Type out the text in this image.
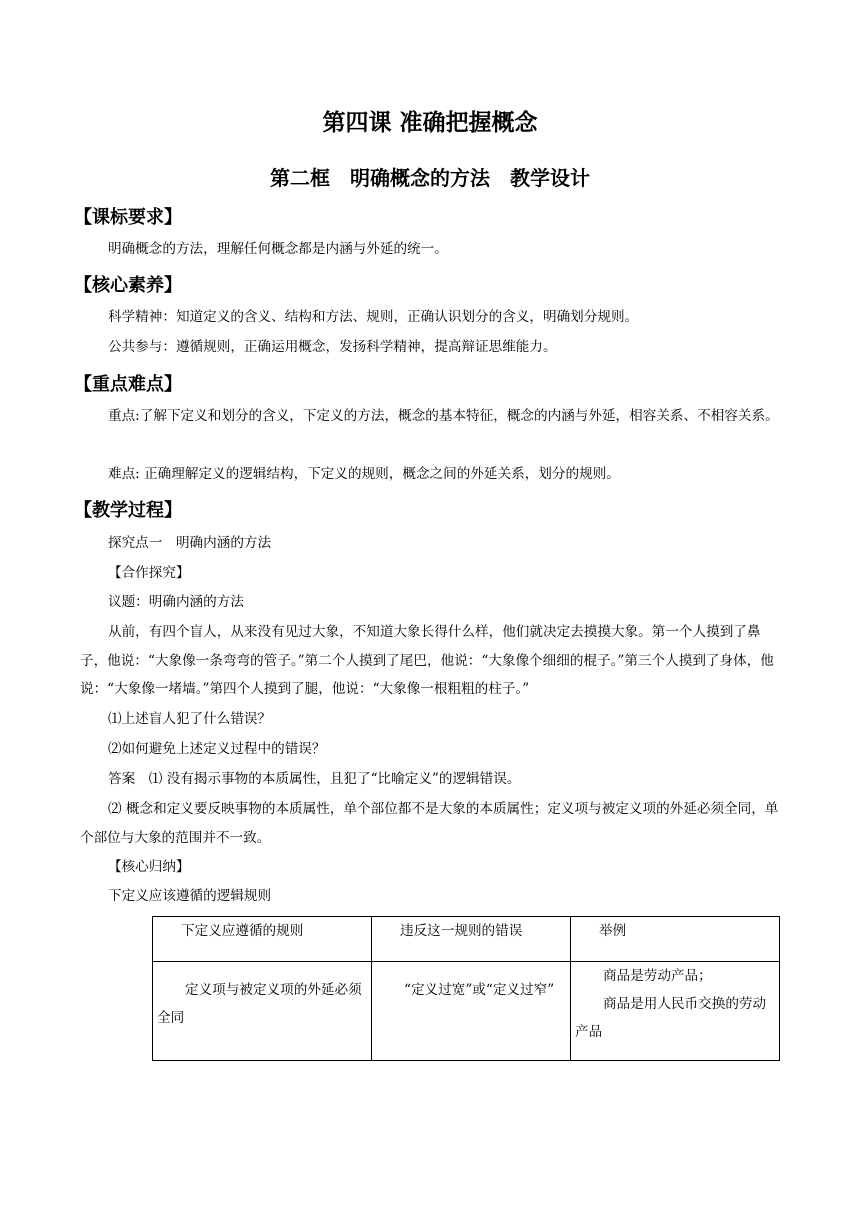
第四课 准确把握概念
第二框　明确概念的方法　教学设计
【课标要求】
明确概念的方法，理解任何概念都是内涵与外延的统一。
【核心素养】
科学精神：知道定义的含义、结构和方法、规则，正确认识划分的含义，明确划分规则。
公共参与：遵循规则，正确运用概念，发扬科学精神，提高辩证思维能力。
【重点难点】
重点:了解下定义和划分的含义，下定义的方法，概念的基本特征，概念的内涵与外延，相容关系、不相容关系。
难点: 正确理解定义的逻辑结构，下定义的规则，概念之间的外延关系，划分的规则。
【教学过程】
探究点一　明确内涵的方法
【合作探究】
议题：明确内涵的方法
从前，有四个盲人，从来没有见过大象，不知道大象长得什么样，他们就决定去摸摸大象。第一个人摸到了鼻子，他说：“大象像一条弯弯的管子。”第二个人摸到了尾巴，他说：“大象像个细细的棍子。”第三个人摸到了身体，他说：“大象像一堵墙。”第四个人摸到了腿，他说：“大象像一根粗粗的柱子。”
⑴上述盲人犯了什么错误？
⑵如何避免上述定义过程中的错误？
答案　⑴ 没有揭示事物的本质属性，且犯了“比喻定义”的逻辑错误。
⑵ 概念和定义要反映事物的本质属性，单个部位都不是大象的本质属性；定义项与被定义项的外延必须全同，单个部位与大象的范围并不一致。
【核心归纳】
下定义应该遵循的逻辑规则
下定义应遵循的规则	违反这一规则的错误	举例
定义项与被定义项的外延必须全同	“定义过宽”或“定义过窄”	商品是劳动产品；
商品是用人民币交换的劳动产品
